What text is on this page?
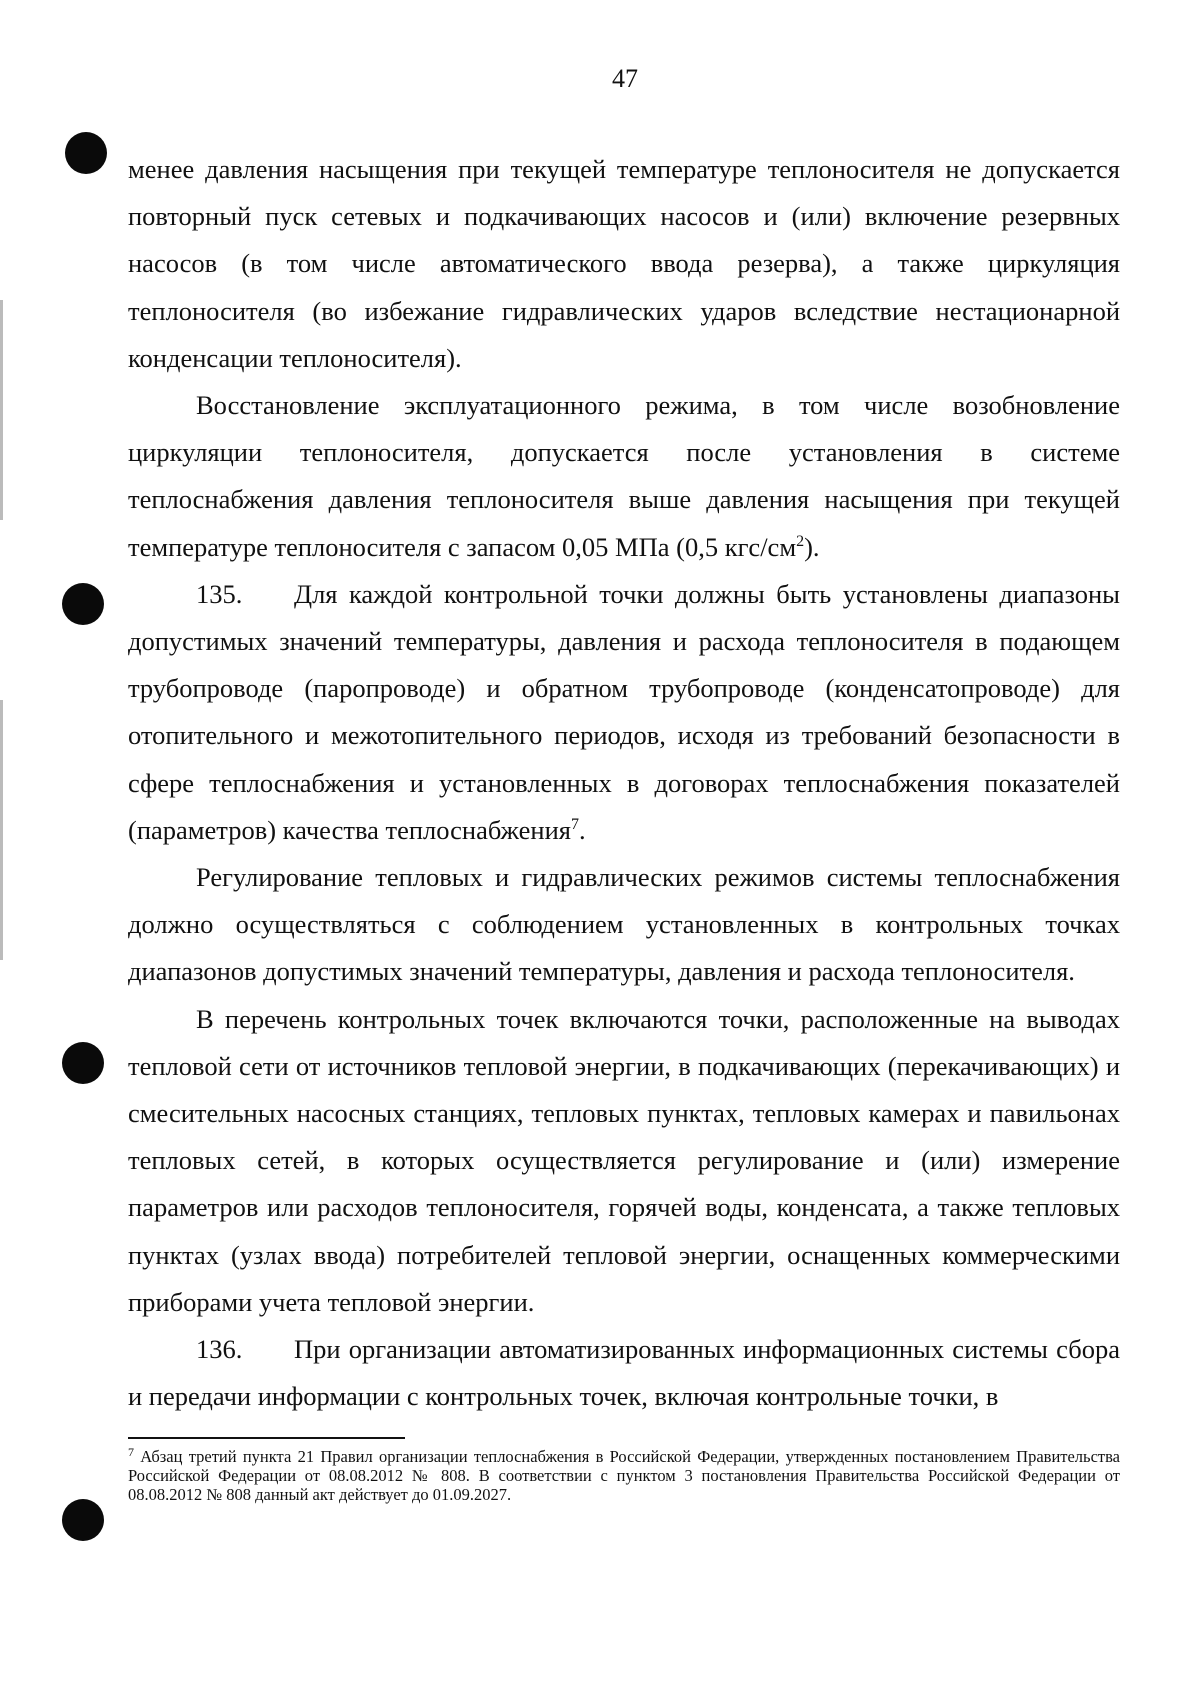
47

менее давления насыщения при текущей температуре теплоносителя не допускается повторный пуск сетевых и подкачивающих насосов и (или) включение резервных насосов (в том числе автоматического ввода резерва), а также циркуляция теплоносителя (во избежание гидравлических ударов вследствие нестационарной конденсации теплоносителя).

Восстановление эксплуатационного режима, в том числе возобновление циркуляции теплоносителя, допускается после установления в системе теплоснабжения давления теплоносителя выше давления насыщения при текущей температуре теплоносителя с запасом 0,05 МПа (0,5 кгс/$см^2$).

135. Для каждой контрольной точки должны быть установлены диапазоны допустимых значений температуры, давления и расхода теплоносителя в подающем трубопроводе (паропроводе) и обратном трубопроводе (конденсатопроводе) для отопительного и межотопительного периодов, исходя из требований безопасности в сфере теплоснабжения и установленных в договорах теплоснабжения показателей (параметров) качества теплоснабжения$^7$.

Регулирование тепловых и гидравлических режимов системы теплоснабжения должно осуществляться с соблюдением установленных в контрольных точках диапазонов допустимых значений температуры, давления и расхода теплоносителя.

В перечень контрольных точек включаются точки, расположенные на выводах тепловой сети от источников тепловой энергии, в подкачивающих (перекачивающих) и смесительных насосных станциях, тепловых пунктах, тепловых камерах и павильонах тепловых сетей, в которых осуществляется регулирование и (или) измерение параметров или расходов теплоносителя, горячей воды, конденсата, а также тепловых пунктах (узлах ввода) потребителей тепловой энергии, оснащенных коммерческими приборами учета тепловой энергии.

136. При организации автоматизированных информационных системы сбора и передачи информации с контрольных точек, включая контрольные точки, в

$^7$ Абзац третий пункта 21 Правил организации теплоснабжения в Российской Федерации, утвержденных постановлением Правительства Российской Федерации от 08.08.2012 № 808. В соответствии с пунктом 3 постановления Правительства Российской Федерации от 08.08.2012 № 808 данный акт действует до 01.09.2027.
